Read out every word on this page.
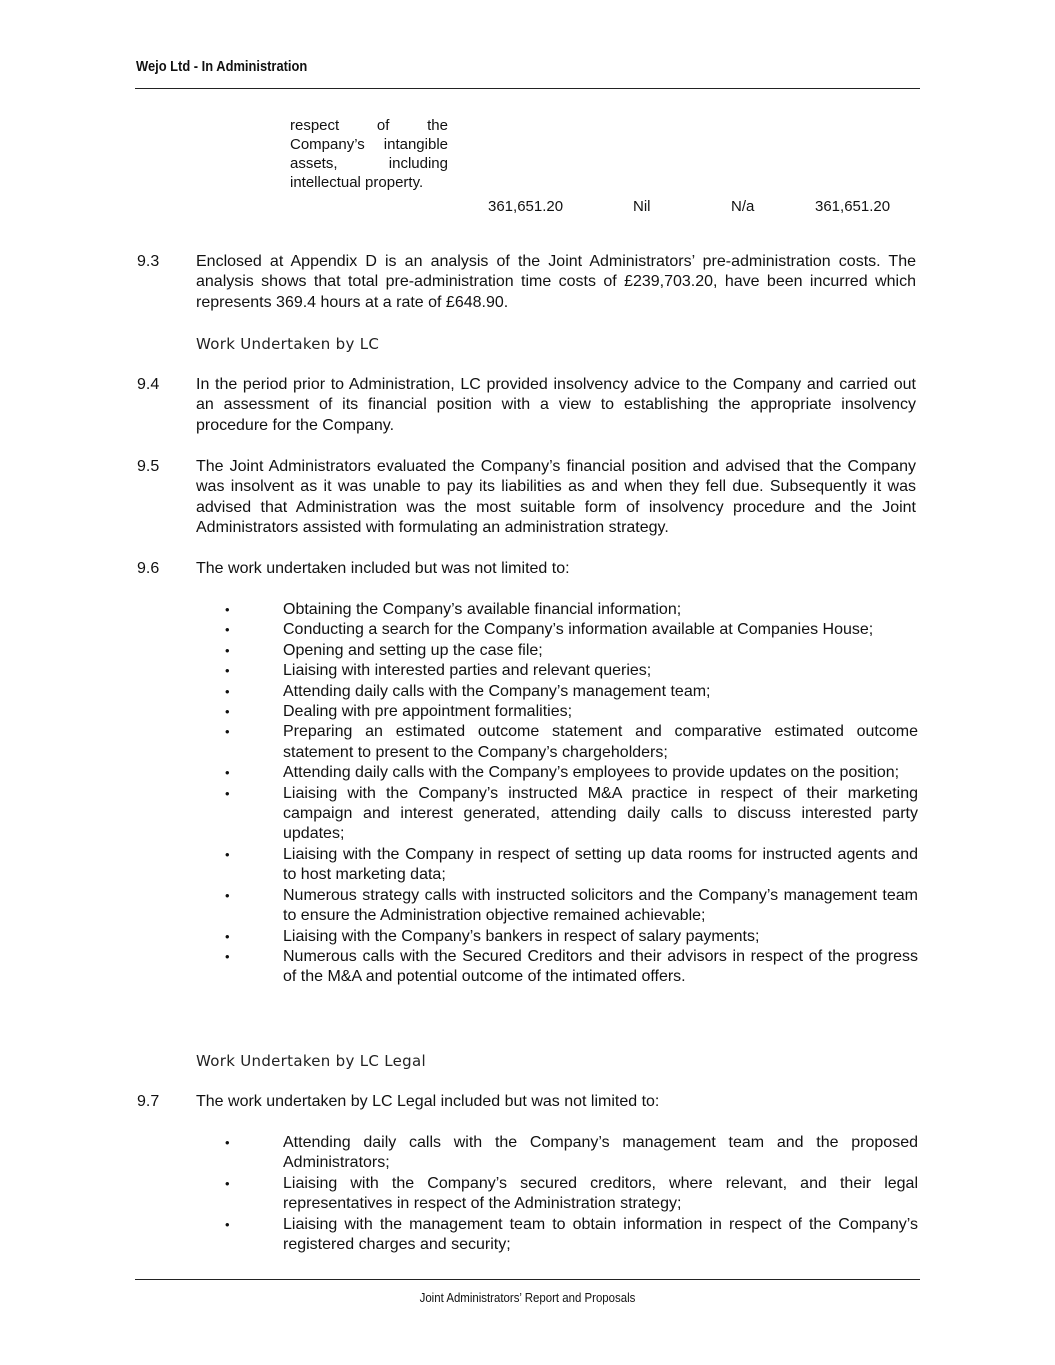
Wejo Ltd - In Administration
respect of the
Company’s intangible
assets, including
intellectual property.
361,651.20	Nil	N/a	361,651.20
9.3 Enclosed at Appendix D is an analysis of the Joint Administrators’ pre-administration costs. The analysis shows that total pre-administration time costs of £239,703.20, have been incurred which represents 369.4 hours at a rate of £648.90.
Work Undertaken by LC
9.4 In the period prior to Administration, LC provided insolvency advice to the Company and carried out an assessment of its financial position with a view to establishing the appropriate insolvency procedure for the Company.
9.5 The Joint Administrators evaluated the Company’s financial position and advised that the Company was insolvent as it was unable to pay its liabilities as and when they fell due. Subsequently it was advised that Administration was the most suitable form of insolvency procedure and the Joint Administrators assisted with formulating an administration strategy.
9.6 The work undertaken included but was not limited to:
•	Obtaining the Company’s available financial information;
•	Conducting a search for the Company’s information available at Companies House;
•	Opening and setting up the case file;
•	Liaising with interested parties and relevant queries;
•	Attending daily calls with the Company’s management team;
•	Dealing with pre appointment formalities;
•	Preparing an estimated outcome statement and comparative estimated outcome statement to present to the Company’s chargeholders;
•	Attending daily calls with the Company’s employees to provide updates on the position;
•	Liaising with the Company’s instructed M&A practice in respect of their marketing campaign and interest generated, attending daily calls to discuss interested party updates;
•	Liaising with the Company in respect of setting up data rooms for instructed agents and to host marketing data;
•	Numerous strategy calls with instructed solicitors and the Company’s management team to ensure the Administration objective remained achievable;
•	Liaising with the Company’s bankers in respect of salary payments;
•	Numerous calls with the Secured Creditors and their advisors in respect of the progress of the M&A and potential outcome of the intimated offers.
Work Undertaken by LC Legal
9.7 The work undertaken by LC Legal included but was not limited to:
•	Attending daily calls with the Company’s management team and the proposed Administrators;
•	Liaising with the Company’s secured creditors, where relevant, and their legal representatives in respect of the Administration strategy;
•	Liaising with the management team to obtain information in respect of the Company’s registered charges and security;
Joint Administrators’ Report and Proposals
